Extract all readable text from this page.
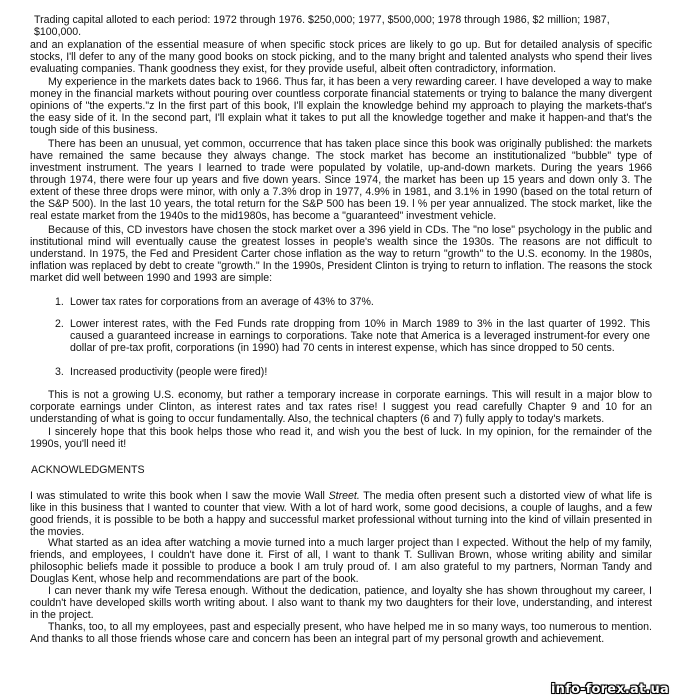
Trading capital alloted to each period: 1972 through 1976. $250,000; 1977, $500,000; 1978 through 1986, $2 million; 1987, $100,000.

and an explanation of the essential measure of when specific stock prices are likely to go up. But for detailed analysis of specific stocks, I'll defer to any of the many good books on stock picking, and to the many bright and talented analysts who spend their lives evaluating companies. Thank goodness they exist, for they provide useful, albeit often contradictory, information.

My experience in the markets dates back to 1966. Thus far, it has been a very rewarding career. I have developed a way to make money in the financial markets without pouring over countless corporate financial statements or trying to balance the many divergent opinions of "the experts."z In the first part of this book, I'll explain the knowledge behind my approach to playing the markets-that's the easy side of it. In the second part, I'll explain what it takes to put all the knowledge together and make it happen-and that's the tough side of this business.

There has been an unusual, yet common, occurrence that has taken place since this book was originally published: the markets have remained the same because they always change. The stock market has become an institutionalized "bubble" type of investment instrument. The years I learned to trade were populated by volatile, up-and-down markets. During the years 1966 through 1974, there were four up years and five down years. Since 1974, the market has been up 15 years and down only 3. The extent of these three drops were minor, with only a 7.3% drop in 1977, 4.9% in 1981, and 3.1% in 1990 (based on the total return of the S&P 500). In the last 10 years, the total return for the S&P 500 has been 19. l % per year annualized. The stock market, like the real estate market from the 1940s to the mid1980s, has become a "guaranteed" investment vehicle.

Because of this, CD investors have chosen the stock market over a 396 yield in CDs. The "no lose" psychology in the public and institutional mind will eventually cause the greatest losses in people's wealth since the 1930s. The reasons are not difficult to understand. In 1975, the Fed and President Carter chose inflation as the way to return "growth" to the U.S. economy. In the 1980s, inflation was replaced by debt to create "growth." In the 1990s, President Clinton is trying to return to inflation. The reasons the stock market did well between 1990 and 1993 are simple:

1. Lower tax rates for corporations from an average of 43% to 37%.

2. Lower interest rates, with the Fed Funds rate dropping from 10% in March 1989 to 3% in the last quarter of 1992. This caused a guaranteed increase in earnings to corporations. Take note that America is a leveraged instrument-for every one dollar of pre-tax profit, corporations (in 1990) had 70 cents in interest expense, which has since dropped to 50 cents.

3. Increased productivity (people were fired)!

This is not a growing U.S. economy, but rather a temporary increase in corporate earnings. This will result in a major blow to corporate earnings under Clinton, as interest rates and tax rates rise! I suggest you read carefully Chapter 9 and 10 for an understanding of what is going to occur fundamentally. Also, the technical chapters (6 and 7) fully apply to today's markets.

I sincerely hope that this book helps those who read it, and wish you the best of luck. In my opinion, for the remainder of the 1990s, you'll need it!

ACKNOWLEDGMENTS

I was stimulated to write this book when I saw the movie Wall Street. The media often present such a distorted view of what life is like in this business that I wanted to counter that view. With a lot of hard work, some good decisions, a couple of laughs, and a few good friends, it is possible to be both a happy and successful market professional without turning into the kind of villain presented in the movies.

What started as an idea after watching a movie turned into a much larger project than I expected. Without the help of my family, friends, and employees, I couldn't have done it. First of all, I want to thank T. Sullivan Brown, whose writing ability and similar philosophic beliefs made it possible to produce a book I am truly proud of. I am also grateful to my partners, Norman Tandy and Douglas Kent, whose help and recommendations are part of the book.

I can never thank my wife Teresa enough. Without the dedication, patience, and loyalty she has shown throughout my career, I couldn't have developed skills worth writing about. I also want to thank my two daughters for their love, understanding, and interest in the project.

Thanks, too, to all my employees, past and especially present, who have helped me in so many ways, too numerous to mention. And thanks to all those friends whose care and concern has been an integral part of my personal growth and achievement.

info-forex.at.ua
